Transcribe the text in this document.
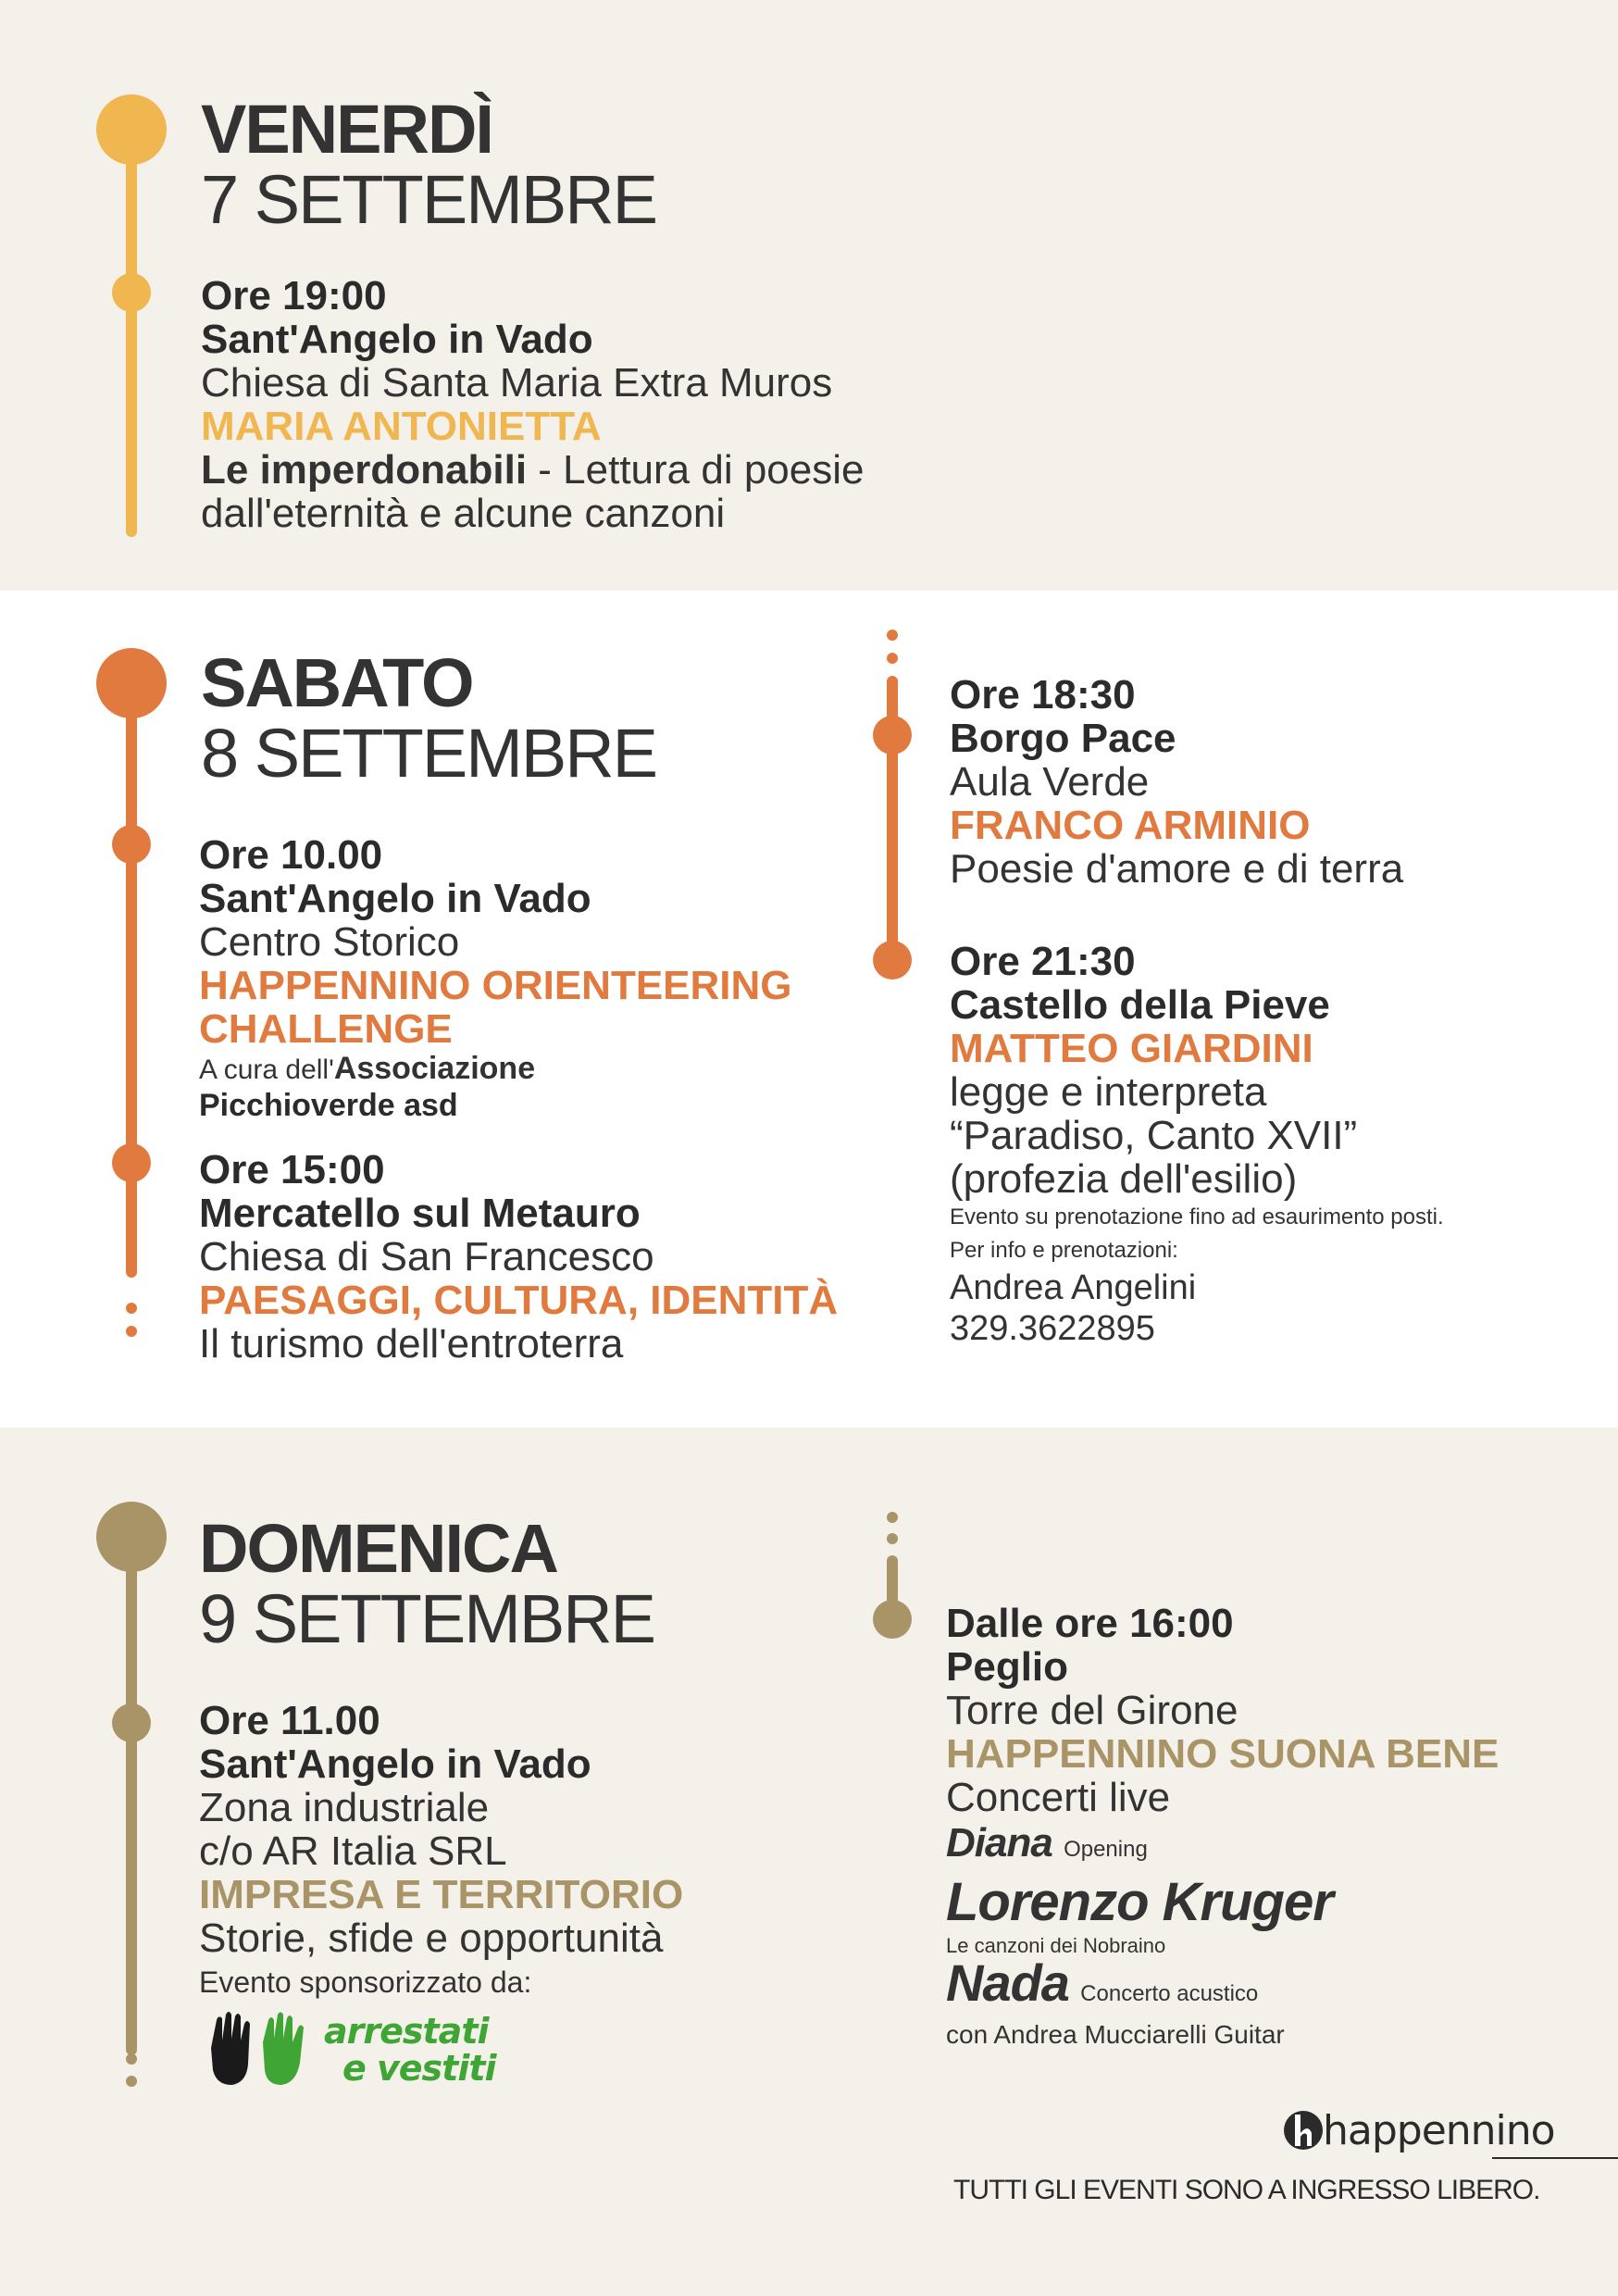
VENERDÌ
7 SETTEMBRE
Ore 19:00
Sant'Angelo in Vado
Chiesa di Santa Maria Extra Muros
MARIA ANTONIETTA
Le imperdonabili - Lettura di poesie
dall'eternità e alcune canzoni
SABATO
8 SETTEMBRE
Ore 10.00
Sant'Angelo in Vado
Centro Storico
HAPPENNINO ORIENTEERING
CHALLENGE
A cura dell'Associazione
Picchioverde asd
Ore 15:00
Mercatello sul Metauro
Chiesa di San Francesco
PAESAGGI, CULTURA, IDENTITÀ
Il turismo dell'entroterra
Ore 18:30
Borgo Pace
Aula Verde
FRANCO ARMINIO
Poesie d'amore e di terra
Ore 21:30
Castello della Pieve
MATTEO GIARDINI
legge e interpreta
“Paradiso, Canto XVII”
(profezia dell'esilio)
Evento su prenotazione fino ad esaurimento posti.
Per info e prenotazioni:
Andrea Angelini
329.3622895
DOMENICA
9 SETTEMBRE
Ore 11.00
Sant'Angelo in Vado
Zona industriale
c/o AR Italia SRL
IMPRESA E TERRITORIO
Storie, sfide e opportunità
Evento sponsorizzato da:
arrestati
e vestiti
Dalle ore 16:00
Peglio
Torre del Girone
HAPPENNINO SUONA BENE
Concerti live
Diana Opening
Lorenzo Kruger
Le canzoni dei Nobraino
Nada Concerto acustico
con Andrea Mucciarelli Guitar
happennino
TUTTI GLI EVENTI SONO A INGRESSO LIBERO.
